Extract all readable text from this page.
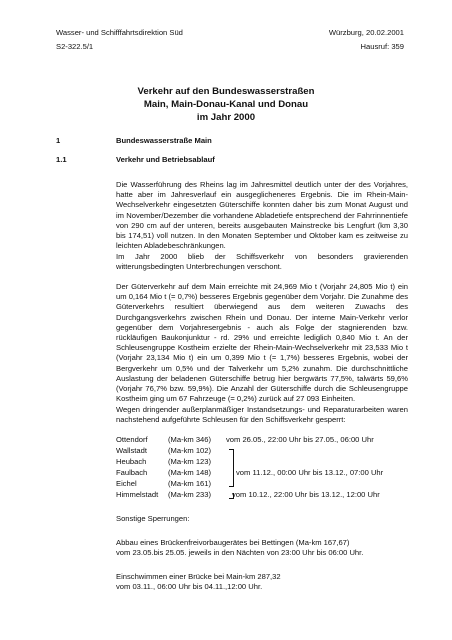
Wasser- und Schifffahrtsdirektion Süd	Würzburg, 20.02.2001
S2-322.5/1	Hausruf: 359
Verkehr auf den Bundeswasserstraßen
Main, Main-Donau-Kanal und Donau
im Jahr 2000
1	Bundeswasserstraße Main
1.1	Verkehr und Betriebsablauf

Die Wasserführung des Rheins lag im Jahresmittel deutlich unter der des Vorjahres, hatte aber im Jahresverlauf ein ausgeglicheneres Ergebnis. Die im Rhein-Main-Wechselverkehr eingesetzten Güterschiffe konnten daher bis zum Monat August und im November/Dezember die vorhandene Abladetiefe entsprechend der Fahrrinnentiefe von 290 cm auf der unteren, bereits ausgebauten Mainstrecke bis Lengfurt (km 3,30 bis 174,51) voll nutzen. In den Monaten September und Oktober kam es zeitweise zu leichten Abladebeschränkungen.

Im Jahr 2000 blieb der Schiffsverkehr von besonders gravierenden witterungsbedingten Unterbrechungen verschont.

Der Güterverkehr auf dem Main erreichte mit 24,969 Mio t (Vorjahr 24,805 Mio t) ein um 0,164 Mio t (= 0,7%) besseres Ergebnis gegenüber dem Vorjahr. Die Zunahme des Güterverkehrs resultiert überwiegend aus dem weiteren Zuwachs des Durchgangsverkehrs zwischen Rhein und Donau. Der interne Main-Verkehr verlor gegenüber dem Vorjahresergebnis - auch als Folge der stagnierenden bzw. rückläufigen Baukonjunktur - rd. 29% und erreichte lediglich 0,840 Mio t. An der Schleusengruppe Kostheim erzielte der Rhein-Main-Wechselverkehr mit 23,533 Mio t (Vorjahr 23,134 Mio t) ein um 0,399 Mio t (= 1,7%) besseres Ergebnis, wobei der Bergverkehr um 0,5% und der Talverkehr um 5,2% zunahm. Die durchschnittliche Auslastung der beladenen Güterschiffe betrug hier bergwärts 77,5%, talwärts 59,6% (Vorjahr 76,7% bzw. 59,9%). Die Anzahl der Güterschiffe durch die Schleusengruppe Kostheim ging um 67 Fahrzeuge (= 0,2%) zurück auf 27 093 Einheiten.

Wegen dringender außerplanmäßiger Instandsetzungs- und Reparaturarbeiten waren nachstehend aufgeführte Schleusen für den Schiffsverkehr gesperrt:

Ottendorf	(Ma-km 346) vom 26.05., 22:00 Uhr bis 27.05., 06:00 Uhr
Wallstadt	(Ma-km 102)
Heubach	(Ma-km 123)
Faulbach	(Ma-km 148)	vom 11.12., 00:00 Uhr bis 13.12., 07:00 Uhr
Eichel	(Ma-km 161)
Himmelstadt (Ma-km 233)	vom 10.12., 22:00 Uhr bis 13.12., 12:00 Uhr
Sonstige Sperrungen:
Abbau eines Brückenfreivorbaugerätes bei Bettingen (Ma-km 167,67)
vom 23.05.bis 25.05. jeweils in den Nächten von 23:00 Uhr bis 06:00 Uhr.
Einschwimmen einer Brücke bei Main-km 287,32
vom 03.11., 06:00 Uhr bis 04.11.,12:00 Uhr.
